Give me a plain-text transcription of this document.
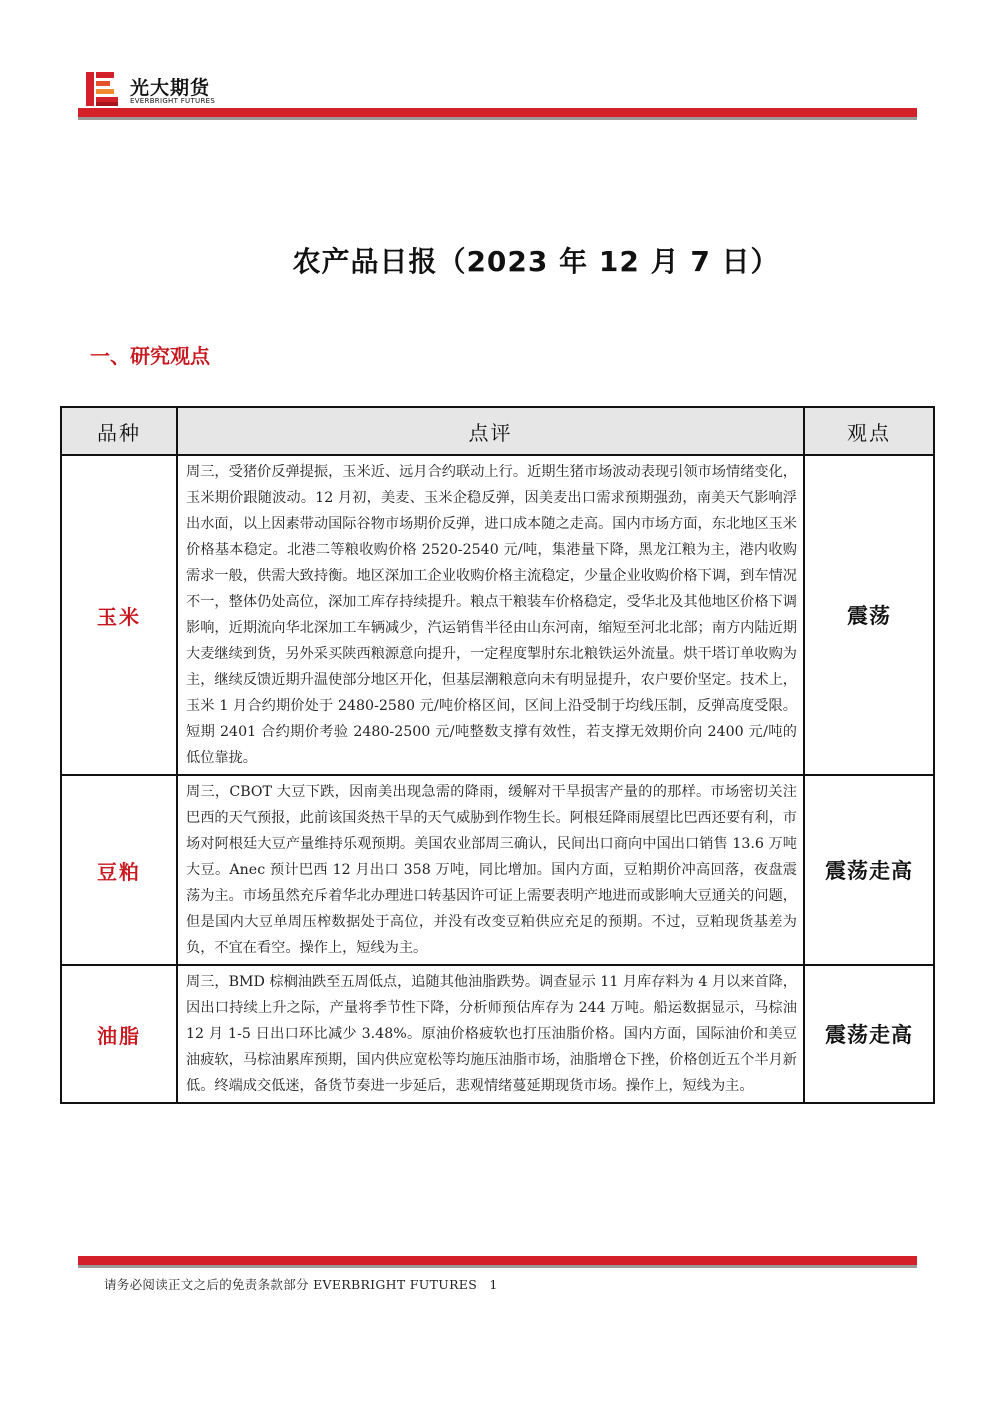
光大期货
EVERBRIGHT FUTURES
农产品日报（2023 年 12 月 7 日）
一、研究观点
品种	点评	观点
玉米	周三，受猪价反弹提振，玉米近、远月合约联动上行。近期生猪市场波动表现引领市场情绪变化，玉米期价跟随波动。12 月初，美麦、玉米企稳反弹，因美麦出口需求预期强劲，南美天气影响浮出水面，以上因素带动国际谷物市场期价反弹，进口成本随之走高。国内市场方面，东北地区玉米价格基本稳定。北港二等粮收购价格 2520-2540 元/吨，集港量下降，黑龙江粮为主，港内收购需求一般，供需大致持衡。地区深加工企业收购价格主流稳定，少量企业收购价格下调，到车情况不一，整体仍处高位，深加工库存持续提升。粮点干粮装车价格稳定，受华北及其他地区价格下调影响，近期流向华北深加工车辆减少，汽运销售半径由山东河南，缩短至河北北部；南方内陆近期大麦继续到货，另外采买陕西粮源意向提升，一定程度掣肘东北粮铁运外流量。烘干塔订单收购为主，继续反馈近期升温使部分地区开化，但基层潮粮意向未有明显提升，农户要价坚定。技术上，玉米 1 月合约期价处于 2480-2580 元/吨价格区间，区间上沿受制于均线压制，反弹高度受限。短期 2401 合约期价考验 2480-2500 元/吨整数支撑有效性，若支撑无效期价向 2400 元/吨的低位靠拢。	震荡
豆粕	周三，CBOT 大豆下跌，因南美出现急需的降雨，缓解对干旱损害产量的的那样。市场密切关注巴西的天气预报，此前该国炎热干旱的天气威胁到作物生长。阿根廷降雨展望比巴西还要有利，市场对阿根廷大豆产量维持乐观预期。美国农业部周三确认，民间出口商向中国出口销售 13.6 万吨大豆。Anec 预计巴西 12 月出口 358 万吨，同比增加。国内方面，豆粕期价冲高回落，夜盘震荡为主。市场虽然充斥着华北办理进口转基因许可证上需要表明产地进而或影响大豆通关的问题，但是国内大豆单周压榨数据处于高位，并没有改变豆粕供应充足的预期。不过，豆粕现货基差为负，不宜在看空。操作上，短线为主。	震荡走高
油脂	周三，BMD 棕榈油跌至五周低点，追随其他油脂跌势。调查显示 11 月库存料为 4 月以来首降，因出口持续上升之际，产量将季节性下降，分析师预估库存为 244 万吨。船运数据显示，马棕油 12 月 1-5 日出口环比减少 3.48%。原油价格疲软也打压油脂价格。国内方面，国际油价和美豆油疲软，马棕油累库预期，国内供应宽松等均施压油脂市场，油脂增仓下挫，价格创近五个半月新低。终端成交低迷，备货节奏进一步延后，悲观情绪蔓延期现货市场。操作上，短线为主。	震荡走高
请务必阅读正文之后的免责条款部分 EVERBRIGHT FUTURES 1
